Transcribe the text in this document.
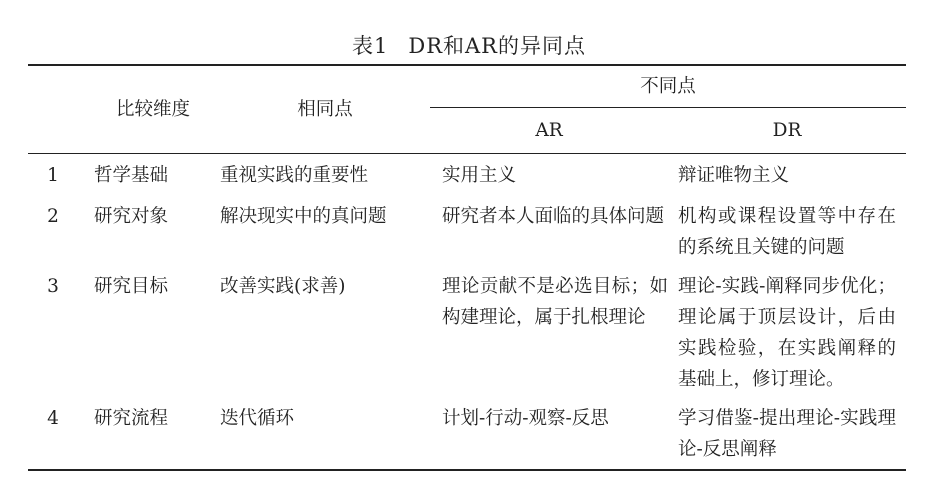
表1 DR和AR的异同点
	比较维度	相同点	不同点	
			AR	DR
1	哲学基础	重视实践的重要性	实用主义	辩证唯物主义
2	研究对象	解决现实中的真问题	研究者本人面临的具体问题	机构或课程设置等中存在的系统且关键的问题
3	研究目标	改善实践(求善)	理论贡献不是必选目标；如构建理论，属于扎根理论	理论-实践-阐释同步优化；理论属于顶层设计，后由实践检验，在实践阐释的基础上，修订理论。
4	研究流程	迭代循环	计划-行动-观察-反思	学习借鉴-提出理论-实践理论-反思阐释
